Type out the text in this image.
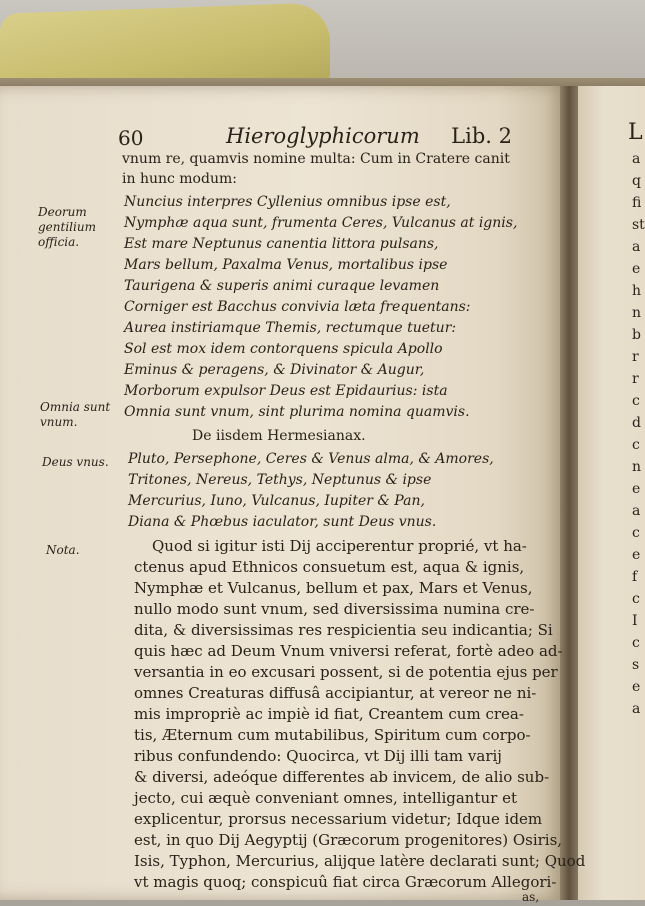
60	Hieroglyphicorum Lib. 2
vnum re, quamvis nomine multa: Cum in Cratere canit
in hunc modum:
Nuncius interpres Cyllenius omnibus ipse est,
Nymphæ aqua sunt, frumenta Ceres, Vulcanus at ignis,
Est mare Neptunus canentia littora pulsans,
Mars bellum, Paxalma Venus, mortalibus ipse
Taurigena & superis animi curaque levamen
Corniger est Bacchus convivia læta frequentans:
Aurea instiriamque Themis, rectumque tuetur:
Sol est mox idem contorquens spicula Apollo
Eminus & peragens, & Divinator & Augur,
Morborum expulsor Deus est Epidaurius: ista
Omnia sunt vnum, sint plurima nomina quamvis.
De iisdem Hermesianax.
Pluto, Persephone, Ceres & Venus alma, & Amores,
Tritones, Nereus, Tethys, Neptunus & ipse
Mercurius, Iuno, Vulcanus, Iupiter & Pan,
Diana & Phœbus iaculator, sunt Deus vnus.
Quod si igitur isti Dij acciperentur proprié, vt ha-
ctenus apud Ethnicos consuetum est, aqua & ignis,
Nymphæ et Vulcanus, bellum et pax, Mars et Venus,
nullo modo sunt vnum, sed diversissima numina cre-
dita, & diversissimas res respicientia seu indicantia; Si
quis hæc ad Deum Vnum vniversi referat, fortè adeo ad-
versantia in eo excusari possent, si de potentia ejus per
omnes Creaturas diffusâ accipiantur, at vereor ne ni-
mis impropriè ac impiè id fiat, Creantem cum crea-
tis, Æternum cum mutabilibus, Spiritum cum corpo-
ribus confundendo: Quocirca, vt Dij illi tam varij
& diversi, adeóque differentes ab invicem, de alio sub-
jecto, cui æquè conveniant omnes, intelligantur et
explicentur, prorsus necessarium videtur; Idque idem
est, in quo Dij Aegyptij (Græcorum progenitores) Osiris,
Isis, Typhon, Mercurius, alijque latère declarati sunt; Quod
vt magis quoq; conspicuû fiat circa Græcorum Allegori-
as,
Deorum
gentilium
officia.
Omnia sunt
vnum.
Deus vnus.
Nota.
L
a
q
fi
st
a
e
h
n
b
r
r
c
d
c
n
e
a
c
e
f
c
I
c
s
e
a
